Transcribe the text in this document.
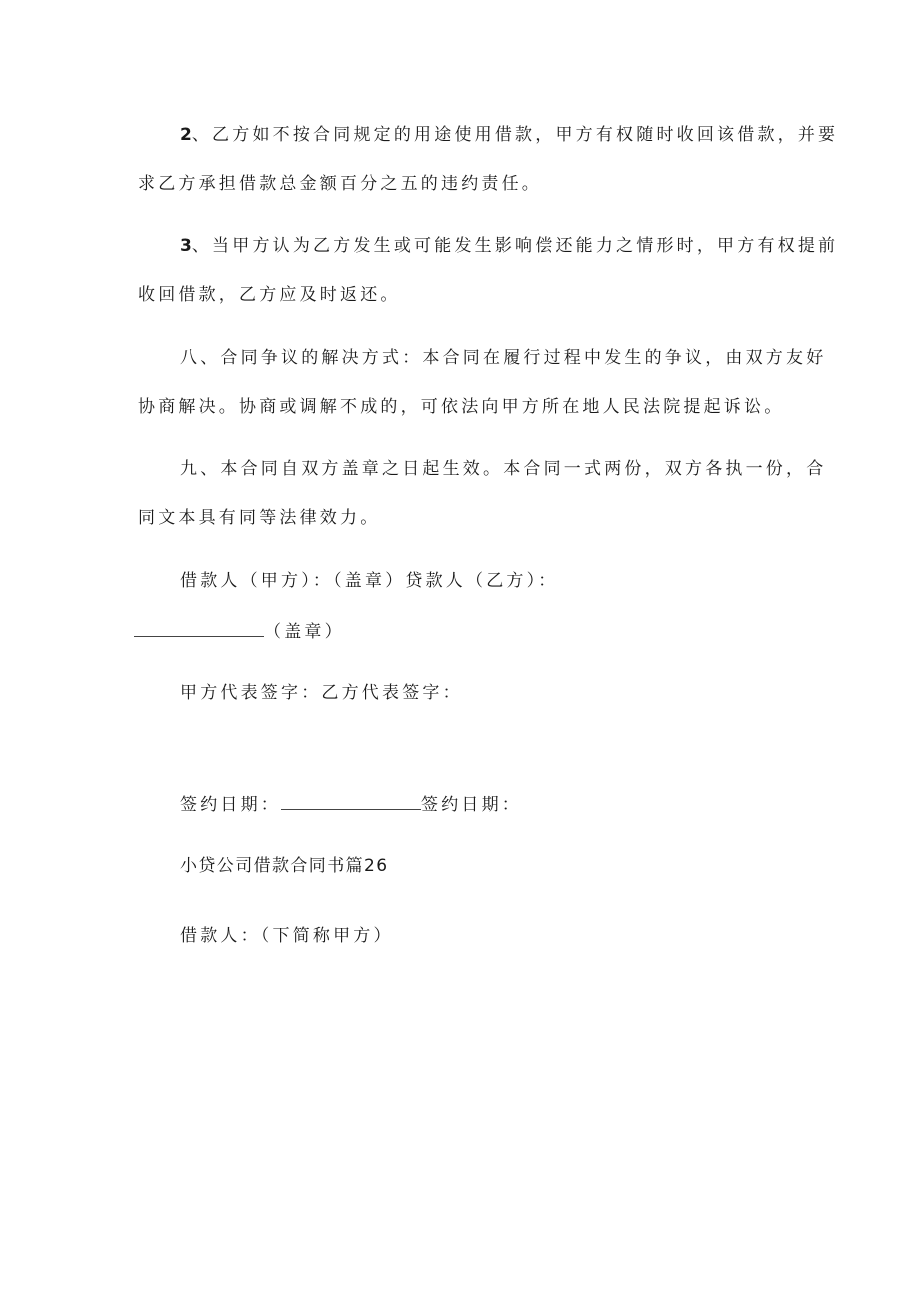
2、乙方如不按合同规定的用途使用借款，甲方有权随时收回该借款，并要
求乙方承担借款总金额百分之五的违约责任。
3、当甲方认为乙方发生或可能发生影响偿还能力之情形时，甲方有权提前
收回借款，乙方应及时返还。
八、合同争议的解决方式：本合同在履行过程中发生的争议，由双方友好
协商解决。协商或调解不成的，可依法向甲方所在地人民法院提起诉讼。
九、本合同自双方盖章之日起生效。本合同一式两份，双方各执一份，合
同文本具有同等法律效力。
借款人（甲方）：（盖章）贷款人（乙方）：
（盖章）
甲方代表签字：乙方代表签字：
签约日期：	签约日期：
小贷公司借款合同书篇26
借款人：（下简称甲方）
